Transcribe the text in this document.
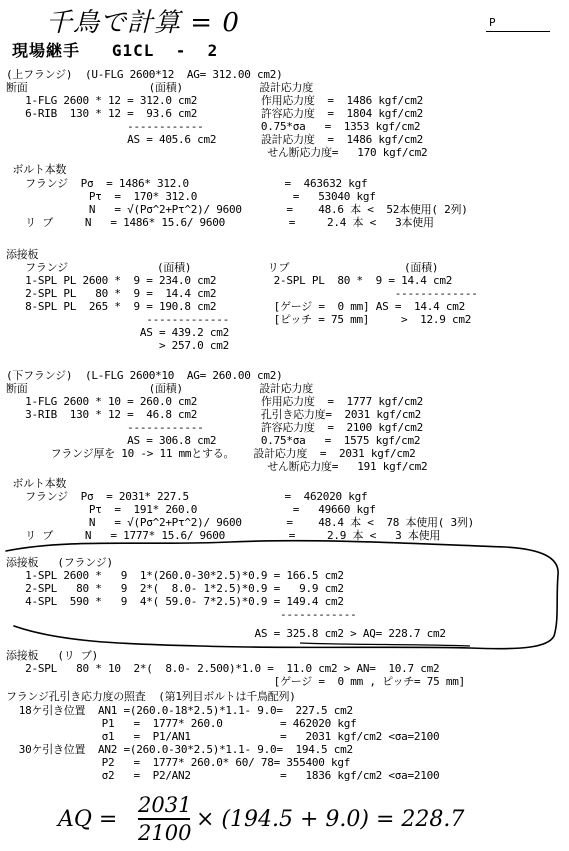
千鳥で計算 = 0	P
現場継手   G1CL  -  2

(上フランジ)  (U-FLG 2600*12  AG= 312.00 cm2)

断面                   (面積)            設計応力度

1-FLG 2600 * 12 = 312.0 cm2          作用応力度  =  1486 kgf/cm2

6-RIB  130 * 12 =  93.6 cm2          許容応力度  =  1804 kgf/cm2

------------         0.75*σa   =  1353 kgf/cm2

AS = 405.6 cm2       設計応力度  =  1486 kgf/cm2

せん断応力度=   170 kgf/cm2

ボルト本数

フランジ  Pσ  = 1486* 312.0               =  463632 kgf

Pτ  =  170* 312.0               =   53040 kgf

N   = √(Pσ^2+Pτ^2)/ 9600       =    48.6 本 <  52本使用( 2列)

リ ブ     N   = 1486* 15.6/ 9600          =     2.4 本 <   3本使用

添接板

フランジ              (面積)            リブ                  (面積)

1-SPL PL 2600 *  9 = 234.0 cm2         2-SPL PL  80 *  9 = 14.4 cm2

2-SPL PL   80 *  9 =  14.4 cm2                            -------------

8-SPL PL  265 *  9 = 190.8 cm2         [ゲージ =  0 mm] AS =  14.4 cm2

-------------       [ピッチ = 75 mm]     >  12.9 cm2

AS = 439.2 cm2

> 257.0 cm2

(下フランジ)  (L-FLG 2600*10  AG= 260.00 cm2)

断面                   (面積)            設計応力度

1-FLG 2600 * 10 = 260.0 cm2          作用応力度  =  1777 kgf/cm2

3-RIB  130 * 12 =  46.8 cm2          孔引き応力度=  2031 kgf/cm2

------------         許容応力度  =  2100 kgf/cm2

AS = 306.8 cm2       0.75*σa   =  1575 kgf/cm2

フランジ厚を 10 -> 11 mmとする。   設計応力度  =  2031 kgf/cm2

せん断応力度=   191 kgf/cm2

ボルト本数

フランジ  Pσ  = 2031* 227.5               =  462020 kgf

Pτ  =  191* 260.0               =   49660 kgf

N   = √(Pσ^2+Pτ^2)/ 9600       =    48.4 本 <  78 本使用( 3列)

リ ブ     N   = 1777* 15.6/ 9600          =     2.9 本 <   3 本使用

添接板   (フランジ)

1-SPL 2600 *   9  1*(260.0-30*2.5)*0.9 = 166.5 cm2

2-SPL   80 *   9  2*(  8.0- 1*2.5)*0.9 =   9.9 cm2

4-SPL  590 *   9  4*( 59.0- 7*2.5)*0.9 = 149.4 cm2

------------

AS = 325.8 cm2 > AQ= 228.7 cm2

添接板   (リ ブ)

2-SPL   80 * 10  2*(  8.0- 2.500)*1.0 =  11.0 cm2 > AN=  10.7 cm2

[ゲージ =  0 mm , ピッチ= 75 mm]

フランジ孔引き応力度の照査  (第1列目ボルトは千鳥配列)

18ケ引き位置  AN1 =(260.0-18*2.5)*1.1- 9.0=  227.5 cm2

P1   =  1777* 260.0         = 462020 kgf

σ1   =  P1/AN1              =   2031 kgf/cm2 <σa=2100

30ケ引き位置  AN2 =(260.0-30*2.5)*1.1- 9.0=  194.5 cm2

P2   =  1777* 260.0* 60/ 78= 355400 kgf

σ2   =  P2/AN2              =   1836 kgf/cm2 <σa=2100

AQ =
2031
2100
× (194.5 + 9.0) = 228.7
